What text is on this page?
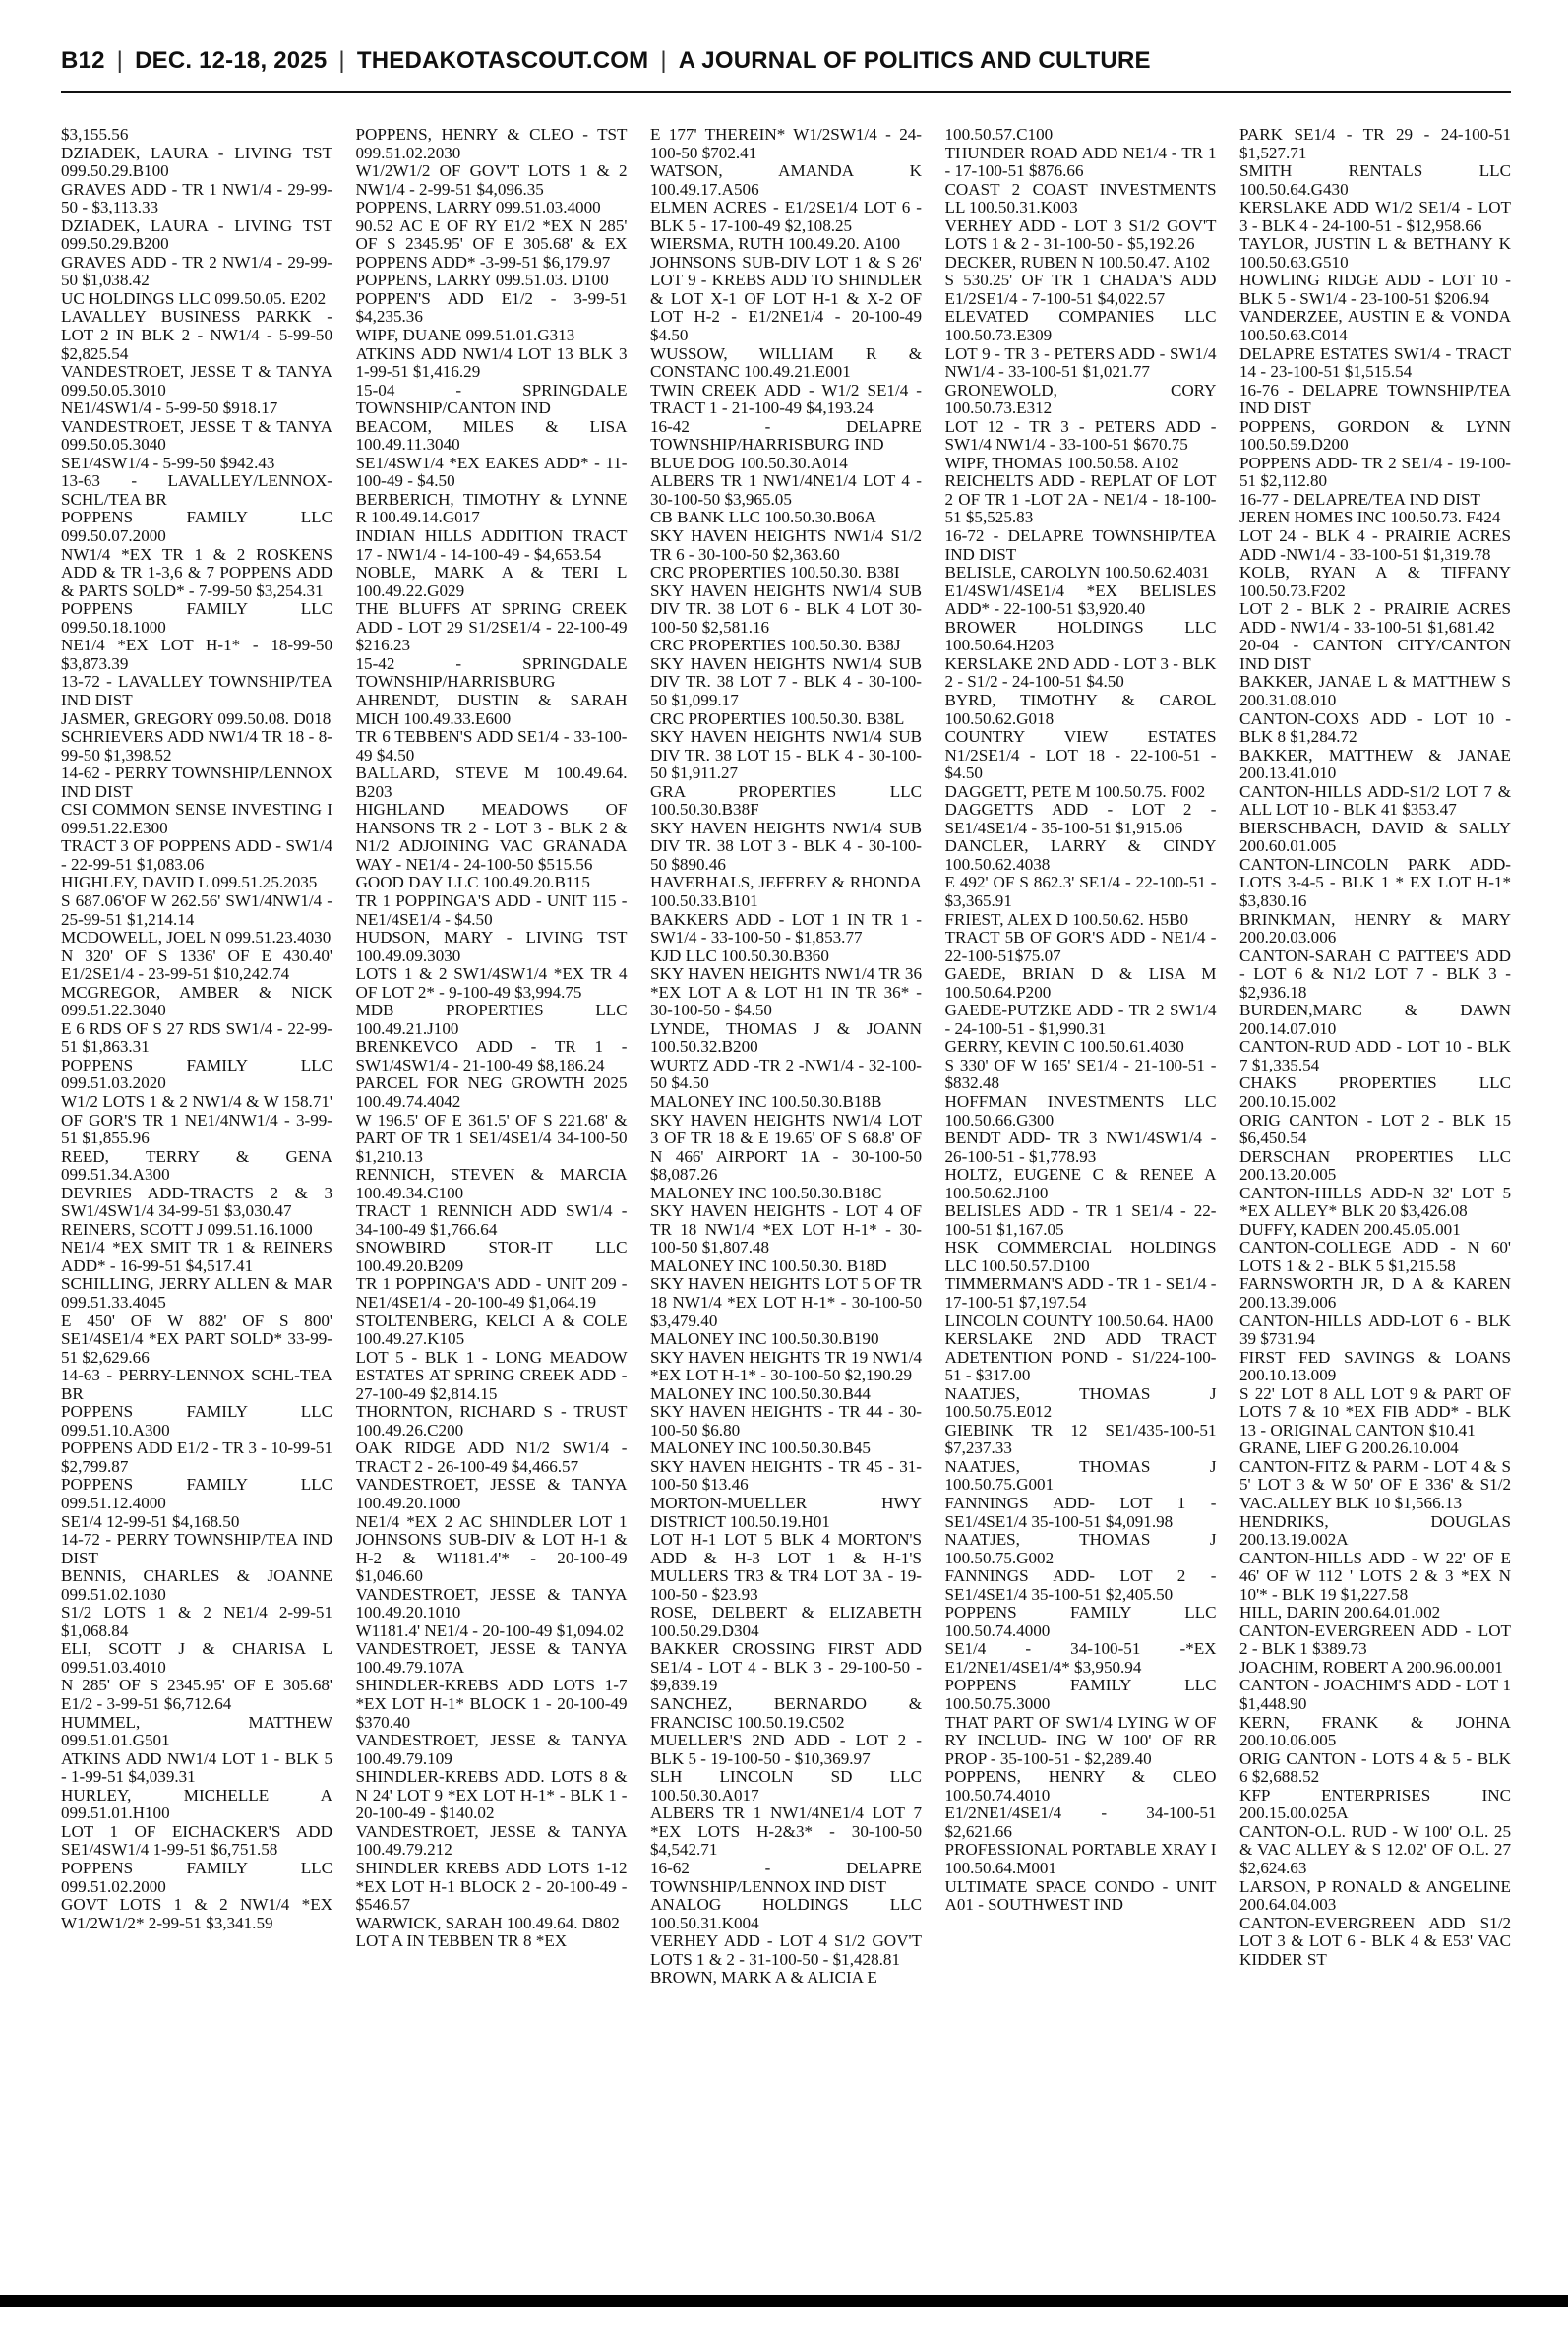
B12 | DEC. 12-18, 2025 | THEDAKOTASCOUT.COM | A JOURNAL OF POLITICS AND CULTURE

$3,155.56

DZIADEK, LAURA - LIVING TST 099.50.29.B100

GRAVES ADD - TR 1 NW1/4 - 29-99-50 - $3,113.33

DZIADEK, LAURA - LIVING TST 099.50.29.B200

GRAVES ADD - TR 2 NW1/4 - 29-99-50 $1,038.42

UC HOLDINGS LLC 099.50.05. E202

LAVALLEY BUSINESS PARKK - LOT 2 IN BLK 2 - NW1/4 - 5-99-50 $2,825.54

VANDESTROET, JESSE T & TANYA 099.50.05.3010

NE1/4SW1/4 - 5-99-50 $918.17

VANDESTROET, JESSE T & TANYA 099.50.05.3040

SE1/4SW1/4 - 5-99-50 $942.43

13-63 - LAVALLEY/LENNOX-SCHL/TEA BR

POPPENS FAMILY LLC 099.50.07.2000

NW1/4 *EX TR 1 & 2 ROSKENS ADD & TR 1-3,6 & 7 POPPENS ADD & PARTS SOLD* - 7-99-50 $3,254.31

POPPENS FAMILY LLC 099.50.18.1000

NE1/4 *EX LOT H-1* - 18-99-50 $3,873.39

13-72 - LAVALLEY TOWNSHIP/TEA IND DIST

JASMER, GREGORY 099.50.08. D018

SCHRIEVERS ADD NW1/4 TR 18 - 8-99-50 $1,398.52

14-62 - PERRY TOWNSHIP/LENNOX IND DIST

CSI COMMON SENSE INVESTING I 099.51.22.E300

TRACT 3 OF POPPENS ADD - SW1/4 - 22-99-51 $1,083.06

HIGHLEY, DAVID L 099.51.25.2035

S 687.06'OF W 262.56' SW1/4NW1/4 - 25-99-51 $1,214.14

MCDOWELL, JOEL N 099.51.23.4030

N 320' OF S 1336' OF E 430.40' E1/2SE1/4 - 23-99-51 $10,242.74

MCGREGOR, AMBER & NICK 099.51.22.3040

E 6 RDS OF S 27 RDS SW1/4 - 22-99-51 $1,863.31

POPPENS FAMILY LLC 099.51.03.2020

W1/2 LOTS 1 & 2 NW1/4 & W 158.71' OF GOR'S TR 1 NE1/4NW1/4 - 3-99-51 $1,855.96

REED, TERRY & GENA 099.51.34.A300

DEVRIES ADD-TRACTS 2 & 3 SW1/4SW1/4 34-99-51 $3,030.47

REINERS, SCOTT J 099.51.16.1000

NE1/4 *EX SMIT TR 1 & REINERS ADD* - 16-99-51 $4,517.41

SCHILLING, JERRY ALLEN & MAR 099.51.33.4045

E 450' OF W 882' OF S 800' SE1/4SE1/4 *EX PART SOLD* 33-99-51 $2,629.66

14-63 - PERRY-LENNOX SCHL-TEA BR

POPPENS FAMILY LLC 099.51.10.A300

POPPENS ADD E1/2 - TR 3 - 10-99-51 $2,799.87

POPPENS FAMILY LLC 099.51.12.4000

SE1/4 12-99-51 $4,168.50

14-72 - PERRY TOWNSHIP/TEA IND DIST

BENNIS, CHARLES & JOANNE 099.51.02.1030

S1/2 LOTS 1 & 2 NE1/4 2-99-51 $1,068.84

ELI, SCOTT J & CHARISA L 099.51.03.4010

N 285' OF S 2345.95' OF E 305.68' E1/2 - 3-99-51 $6,712.64

HUMMEL, MATTHEW 099.51.01.G501

ATKINS ADD NW1/4 LOT 1 - BLK 5 - 1-99-51 $4,039.31

HURLEY, MICHELLE A 099.51.01.H100

LOT 1 OF EICHACKER'S ADD SE1/4SW1/4 1-99-51 $6,751.58

POPPENS FAMILY LLC 099.51.02.2000

GOVT LOTS 1 & 2 NW1/4 *EX W1/2W1/2* 2-99-51 $3,341.59

POPPENS, HENRY & CLEO - TST 099.51.02.2030

W1/2W1/2 OF GOV'T LOTS 1 & 2 NW1/4 - 2-99-51 $4,096.35

POPPENS, LARRY 099.51.03.4000

90.52 AC E OF RY E1/2 *EX N 285' OF S 2345.95' OF E 305.68' & EX POPPENS ADD* -3-99-51 $6,179.97

POPPENS, LARRY 099.51.03. D100

POPPEN'S ADD E1/2 - 3-99-51 $4,235.36

WIPF, DUANE 099.51.01.G313

ATKINS ADD NW1/4 LOT 13 BLK 3 1-99-51 $1,416.29

15-04 - SPRINGDALE TOWNSHIP/CANTON IND

BEACOM, MILES & LISA 100.49.11.3040

SE1/4SW1/4 *EX EAKES ADD* - 11-100-49 - $4.50

BERBERICH, TIMOTHY & LYNNE R 100.49.14.G017

INDIAN HILLS ADDITION TRACT 17 - NW1/4 - 14-100-49 - $4,653.54

NOBLE, MARK A & TERI L 100.49.22.G029

THE BLUFFS AT SPRING CREEK ADD - LOT 29 S1/2SE1/4 - 22-100-49 $216.23

15-42 - SPRINGDALE TOWNSHIP/HARRISBURG

AHRENDT, DUSTIN & SARAH MICH 100.49.33.E600

TR 6 TEBBEN'S ADD SE1/4 - 33-100-49 $4.50

BALLARD, STEVE M 100.49.64. B203

HIGHLAND MEADOWS OF HANSONS TR 2 - LOT 3 - BLK 2 & N1/2 ADJOINING VAC GRANADA WAY - NE1/4 - 24-100-50 $515.56

GOOD DAY LLC 100.49.20.B115

TR 1 POPPINGA'S ADD - UNIT 115 - NE1/4SE1/4 - $4.50

HUDSON, MARY - LIVING TST 100.49.09.3030

LOTS 1 & 2 SW1/4SW1/4 *EX TR 4 OF LOT 2* - 9-100-49 $3,994.75

MDB PROPERTIES LLC 100.49.21.J100

BRENKEVCO ADD - TR 1 - SW1/4SW1/4 - 21-100-49 $8,186.24

PARCEL FOR NEG GROWTH 2025 100.49.74.4042

W 196.5' OF E 361.5' OF S 221.68' & PART OF TR 1 SE1/4SE1/4 34-100-50 $1,210.13

RENNICH, STEVEN & MARCIA 100.49.34.C100

TRACT 1 RENNICH ADD SW1/4 - 34-100-49 $1,766.64

SNOWBIRD STOR-IT LLC 100.49.20.B209

TR 1 POPPINGA'S ADD - UNIT 209 - NE1/4SE1/4 - 20-100-49 $1,064.19

STOLTENBERG, KELCI A & COLE 100.49.27.K105

LOT 5 - BLK 1 - LONG MEADOW ESTATES AT SPRING CREEK ADD - 27-100-49 $2,814.15

THORNTON, RICHARD S - TRUST 100.49.26.C200

OAK RIDGE ADD N1/2 SW1/4 - TRACT 2 - 26-100-49 $4,466.57

VANDESTROET, JESSE & TANYA 100.49.20.1000

NE1/4 *EX 2 AC SHINDLER LOT 1 JOHNSONS SUB-DIV & LOT H-1 & H-2 & W1181.4'* - 20-100-49 $1,046.60

VANDESTROET, JESSE & TANYA 100.49.20.1010

W1181.4' NE1/4 - 20-100-49 $1,094.02

VANDESTROET, JESSE & TANYA 100.49.79.107A

SHINDLER-KREBS ADD LOTS 1-7 *EX LOT H-1* BLOCK 1 - 20-100-49 $370.40

VANDESTROET, JESSE & TANYA 100.49.79.109

SHINDLER-KREBS ADD. LOTS 8 & N 24' LOT 9 *EX LOT H-1* - BLK 1 - 20-100-49 - $140.02

VANDESTROET, JESSE & TANYA 100.49.79.212

SHINDLER KREBS ADD LOTS 1-12 *EX LOT H-1 BLOCK 2 - 20-100-49 - $546.57

WARWICK, SARAH 100.49.64. D802

LOT A IN TEBBEN TR 8 *EX

E 177' THEREIN* W1/2SW1/4 - 24-100-50 $702.41

WATSON, AMANDA K 100.49.17.A506

ELMEN ACRES - E1/2SE1/4 LOT 6 - BLK 5 - 17-100-49 $2,108.25

WIERSMA, RUTH 100.49.20. A100

JOHNSONS SUB-DIV LOT 1 & S 26' LOT 9 - KREBS ADD TO SHINDLER & LOT X-1 OF LOT H-1 & X-2 OF LOT H-2 - E1/2NE1/4 - 20-100-49 $4.50

WUSSOW, WILLIAM R & CONSTANC 100.49.21.E001

TWIN CREEK ADD - W1/2 SE1/4 - TRACT 1 - 21-100-49 $4,193.24

16-42 - DELAPRE TOWNSHIP/HARRISBURG IND

BLUE DOG 100.50.30.A014

ALBERS TR 1 NW1/4NE1/4 LOT 4 - 30-100-50 $3,965.05

CB BANK LLC 100.50.30.B06A

SKY HAVEN HEIGHTS NW1/4 S1/2 TR 6 - 30-100-50 $2,363.60

CRC PROPERTIES 100.50.30. B38I

SKY HAVEN HEIGHTS NW1/4 SUB DIV TR. 38 LOT 6 - BLK 4 LOT 30-100-50 $2,581.16

CRC PROPERTIES 100.50.30. B38J

SKY HAVEN HEIGHTS NW1/4 SUB DIV TR. 38 LOT 7 - BLK 4 - 30-100-50 $1,099.17

CRC PROPERTIES 100.50.30. B38L

SKY HAVEN HEIGHTS NW1/4 SUB DIV TR. 38 LOT 15 - BLK 4 - 30-100-50 $1,911.27

GRA PROPERTIES LLC 100.50.30.B38F

SKY HAVEN HEIGHTS NW1/4 SUB DIV TR. 38 LOT 3 - BLK 4 - 30-100-50 $890.46

HAVERHALS, JEFFREY & RHONDA 100.50.33.B101

BAKKERS ADD - LOT 1 IN TR 1 - SW1/4 - 33-100-50 - $1,853.77

KJD LLC 100.50.30.B360

SKY HAVEN HEIGHTS NW1/4 TR 36 *EX LOT A & LOT H1 IN TR 36* - 30-100-50 - $4.50

LYNDE, THOMAS J & JOANN 100.50.32.B200

WURTZ ADD -TR 2 -NW1/4 - 32-100-50 $4.50

MALONEY INC 100.50.30.B18B

SKY HAVEN HEIGHTS NW1/4 LOT 3 OF TR 18 & E 19.65' OF S 68.8' OF N 466' AIRPORT 1A - 30-100-50 $8,087.26

MALONEY INC 100.50.30.B18C

SKY HAVEN HEIGHTS - LOT 4 OF TR 18 NW1/4 *EX LOT H-1* - 30-100-50 $1,807.48

MALONEY INC 100.50.30. B18D

SKY HAVEN HEIGHTS LOT 5 OF TR 18 NW1/4 *EX LOT H-1* - 30-100-50 $3,479.40

MALONEY INC 100.50.30.B190

SKY HAVEN HEIGHTS TR 19 NW1/4 *EX LOT H-1* - 30-100-50 $2,190.29

MALONEY INC 100.50.30.B44

SKY HAVEN HEIGHTS - TR 44 - 30-100-50 $6.80

MALONEY INC 100.50.30.B45

SKY HAVEN HEIGHTS - TR 45 - 31-100-50 $13.46

MORTON-MUELLER HWY DISTRICT 100.50.19.H01

LOT H-1 LOT 5 BLK 4 MORTON'S ADD & H-3 LOT 1 & H-1'S MULLERS TR3 & TR4 LOT 3A - 19-100-50 - $23.93

ROSE, DELBERT & ELIZABETH 100.50.29.D304

BAKKER CROSSING FIRST ADD SE1/4 - LOT 4 - BLK 3 - 29-100-50 - $9,839.19

SANCHEZ, BERNARDO & FRANCISC 100.50.19.C502

MUELLER'S 2ND ADD - LOT 2 - BLK 5 - 19-100-50 - $10,369.97

SLH LINCOLN SD LLC 100.50.30.A017

ALBERS TR 1 NW1/4NE1/4 LOT 7 *EX LOTS H-2&3* - 30-100-50 $4,542.71

16-62 - DELAPRE TOWNSHIP/LENNOX IND DIST

ANALOG HOLDINGS LLC 100.50.31.K004

VERHEY ADD - LOT 4 S1/2 GOV'T LOTS 1 & 2 - 31-100-50 - $1,428.81

BROWN, MARK A & ALICIA E

100.50.57.C100

THUNDER ROAD ADD NE1/4 - TR 1 - 17-100-51 $876.66

COAST 2 COAST INVESTMENTS LL 100.50.31.K003

VERHEY ADD - LOT 3 S1/2 GOV'T LOTS 1 & 2 - 31-100-50 - $5,192.26

DECKER, RUBEN N 100.50.47. A102

S 530.25' OF TR 1 CHADA'S ADD E1/2SE1/4 - 7-100-51 $4,022.57

ELEVATED COMPANIES LLC 100.50.73.E309

LOT 9 - TR 3 - PETERS ADD - SW1/4 NW1/4 - 33-100-51 $1,021.77

GRONEWOLD, CORY 100.50.73.E312

LOT 12 - TR 3 - PETERS ADD - SW1/4 NW1/4 - 33-100-51 $670.75

WIPF, THOMAS 100.50.58. A102

REICHELTS ADD - REPLAT OF LOT 2 OF TR 1 -LOT 2A - NE1/4 - 18-100-51 $5,525.83

16-72 - DELAPRE TOWNSHIP/TEA IND DIST

BELISLE, CAROLYN 100.50.62.4031

E1/4SW1/4SE1/4 *EX BELISLES ADD* - 22-100-51 $3,920.40

BROWER HOLDINGS LLC 100.50.64.H203

KERSLAKE 2ND ADD - LOT 3 - BLK 2 - S1/2 - 24-100-51 $4.50

BYRD, TIMOTHY & CAROL 100.50.62.G018

COUNTRY VIEW ESTATES N1/2SE1/4 - LOT 18 - 22-100-51 - $4.50

DAGGETT, PETE M 100.50.75. F002

DAGGETTS ADD - LOT 2 - SE1/4SE1/4 - 35-100-51 $1,915.06

DANCLER, LARRY & CINDY 100.50.62.4038

E 492' OF S 862.3' SE1/4 - 22-100-51 - $3,365.91

FRIEST, ALEX D 100.50.62. H5B0

TRACT 5B OF GOR'S ADD - NE1/4 - 22-100-51$75.07

GAEDE, BRIAN D & LISA M 100.50.64.P200

GAEDE-PUTZKE ADD - TR 2 SW1/4 - 24-100-51 - $1,990.31

GERRY, KEVIN C 100.50.61.4030

S 330' OF W 165' SE1/4 - 21-100-51 - $832.48

HOFFMAN INVESTMENTS LLC 100.50.66.G300

BENDT ADD- TR 3 NW1/4SW1/4 - 26-100-51 - $1,778.93

HOLTZ, EUGENE C & RENEE A 100.50.62.J100

BELISLES ADD - TR 1 SE1/4 - 22-100-51 $1,167.05

HSK COMMERCIAL HOLDINGS LLC 100.50.57.D100

TIMMERMAN'S ADD - TR 1 - SE1/4 - 17-100-51 $7,197.54

LINCOLN COUNTY 100.50.64. HA00

KERSLAKE 2ND ADD TRACT ADETENTION POND - S1/224-100-51 - $317.00

NAATJES, THOMAS J 100.50.75.E012

GIEBINK TR 12 SE1/435-100-51 $7,237.33

NAATJES, THOMAS J 100.50.75.G001

FANNINGS ADD- LOT 1 - SE1/4SE1/4 35-100-51 $4,091.98

NAATJES, THOMAS J 100.50.75.G002

FANNINGS ADD- LOT 2 - SE1/4SE1/4 35-100-51 $2,405.50

POPPENS FAMILY LLC 100.50.74.4000

SE1/4 - 34-100-51 -*EX E1/2NE1/4SE1/4* $3,950.94

POPPENS FAMILY LLC 100.50.75.3000

THAT PART OF SW1/4 LYING W OF RY INCLUD- ING W 100' OF RR PROP - 35-100-51 - $2,289.40

POPPENS, HENRY & CLEO 100.50.74.4010

E1/2NE1/4SE1/4 - 34-100-51 $2,621.66

PROFESSIONAL PORTABLE XRAY I 100.50.64.M001

ULTIMATE SPACE CONDO - UNIT A01 - SOUTHWEST IND

PARK SE1/4 - TR 29 - 24-100-51 $1,527.71

SMITH RENTALS LLC 100.50.64.G430

KERSLAKE ADD W1/2 SE1/4 - LOT 3 - BLK 4 - 24-100-51 - $12,958.66

TAYLOR, JUSTIN L & BETHANY K 100.50.63.G510

HOWLING RIDGE ADD - LOT 10 - BLK 5 - SW1/4 - 23-100-51 $206.94

VANDERZEE, AUSTIN E & VONDA 100.50.63.C014

DELAPRE ESTATES SW1/4 - TRACT 14 - 23-100-51 $1,515.54

16-76 - DELAPRE TOWNSHIP/TEA IND DIST

POPPENS, GORDON & LYNN 100.50.59.D200

POPPENS ADD- TR 2 SE1/4 - 19-100-51 $2,112.80

16-77 - DELAPRE/TEA IND DIST

JEREN HOMES INC 100.50.73. F424

LOT 24 - BLK 4 - PRAIRIE ACRES ADD -NW1/4 - 33-100-51 $1,319.78

KOLB, RYAN A & TIFFANY 100.50.73.F202

LOT 2 - BLK 2 - PRAIRIE ACRES ADD - NW1/4 - 33-100-51 $1,681.42

20-04 - CANTON CITY/CANTON IND DIST

BAKKER, JANAE L & MATTHEW S 200.31.08.010

CANTON-COXS ADD - LOT 10 - BLK 8 $1,284.72

BAKKER, MATTHEW & JANAE 200.13.41.010

CANTON-HILLS ADD-S1/2 LOT 7 & ALL LOT 10 - BLK 41 $353.47

BIERSCHBACH, DAVID & SALLY 200.60.01.005

CANTON-LINCOLN PARK ADD-LOTS 3-4-5 - BLK 1 * EX LOT H-1* $3,830.16

BRINKMAN, HENRY & MARY 200.20.03.006

CANTON-SARAH C PATTEE'S ADD - LOT 6 & N1/2 LOT 7 - BLK 3 - $2,936.18

BURDEN,MARC & DAWN 200.14.07.010

CANTON-RUD ADD - LOT 10 - BLK 7 $1,335.54

CHAKS PROPERTIES LLC 200.10.15.002

ORIG CANTON - LOT 2 - BLK 15 $6,450.54

DERSCHAN PROPERTIES LLC 200.13.20.005

CANTON-HILLS ADD-N 32' LOT 5 *EX ALLEY* BLK 20 $3,426.08

DUFFY, KADEN 200.45.05.001

CANTON-COLLEGE ADD - N 60' LOTS 1 & 2 - BLK 5 $1,215.58

FARNSWORTH JR, D A & KAREN 200.13.39.006

CANTON-HILLS ADD-LOT 6 - BLK 39 $731.94

FIRST FED SAVINGS & LOANS 200.10.13.009

S 22' LOT 8 ALL LOT 9 & PART OF LOTS 7 & 10 *EX FIB ADD* - BLK 13 - ORIGINAL CANTON $10.41

GRANE, LIEF G 200.26.10.004

CANTON-FITZ & PARM - LOT 4 & S 5' LOT 3 & W 50' OF E 336' & S1/2 VAC.ALLEY BLK 10 $1,566.13

HENDRIKS, DOUGLAS 200.13.19.002A

CANTON-HILLS ADD - W 22' OF E 46' OF W 112 ' LOTS 2 & 3 *EX N 10'* - BLK 19 $1,227.58

HILL, DARIN 200.64.01.002

CANTON-EVERGREEN ADD - LOT 2 - BLK 1 $389.73

JOACHIM, ROBERT A 200.96.00.001

CANTON - JOACHIM'S ADD - LOT 1 $1,448.90

KERN, FRANK & JOHNA 200.10.06.005

ORIG CANTON - LOTS 4 & 5 - BLK 6 $2,688.52

KFP ENTERPRISES INC 200.15.00.025A

CANTON-O.L. RUD - W 100' O.L. 25 & VAC ALLEY & S 12.02' OF O.L. 27 $2,624.63

LARSON, P RONALD & ANGELINE 200.64.04.003

CANTON-EVERGREEN ADD S1/2 LOT 3 & LOT 6 - BLK 4 & E53' VAC KIDDER ST
